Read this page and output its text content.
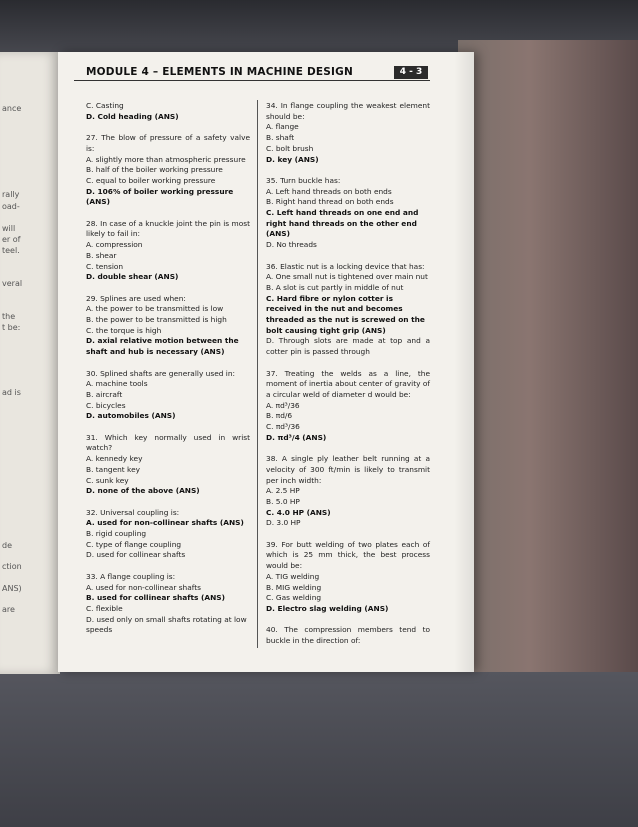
ance
rally
oad-
will
er of
teel.
veral
the
t be:
ad is
de
ction
ANS)
are
MODULE 4 – ELEMENTS IN MACHINE DESIGN	4 - 3

C. Casting

D. Cold heading (ANS)

27. The blow of pressure of a safety valve is:

A. slightly more than atmospheric pressure

B. half of the boiler working pressure

C. equal to boiler working pressure

D. 106% of boiler working pressure (ANS)

28. In case of a knuckle joint the pin is most likely to fail in:

A. compression

B. shear

C. tension

D. double shear (ANS)

29. Splines are used when:

A. the power to be transmitted is low

B. the power to be transmitted is high

C. the torque is high

D. axial relative motion between the shaft and hub is necessary (ANS)

30. Splined shafts are generally used in:

A. machine tools

B. aircraft

C. bicycles

D. automobiles (ANS)

31. Which key normally used in wrist watch?

A. kennedy key

B. tangent key

C. sunk key

D. none of the above (ANS)

32. Universal coupling is:

A. used for non-collinear shafts (ANS)

B. rigid coupling

C. type of flange coupling

D. used for collinear shafts

33. A flange coupling is:

A. used for non-collinear shafts

B. used for collinear shafts (ANS)

C. flexible

D. used only on small shafts rotating at low speeds

34. In flange coupling the weakest element should be:

A. flange

B. shaft

C. bolt brush

D. key (ANS)

35. Turn buckle has:

A. Left hand threads on both ends

B. Right hand thread on both ends

C. Left hand threads on one end and right hand threads on the other end (ANS)

D. No threads

36. Elastic nut is a locking device that has:

A. One small nut is tightened over main nut

B. A slot is cut partly in middle of nut

C. Hard fibre or nylon cotter is received in the nut and becomes threaded as the nut is screwed on the bolt causing tight grip (ANS)

D. Through slots are made at top and a cotter pin is passed through

37. Treating the welds as a line, the moment of inertia about center of gravity of a circular weld of diameter d would be:

A. πd³/36

B. πd/6

C. πd³/36

D. πd³/4 (ANS)

38. A single ply leather belt running at a velocity of 300 ft/min is likely to transmit per inch width:

A. 2.5 HP

B. 5.0 HP

C. 4.0 HP (ANS)

D. 3.0 HP

39. For butt welding of two plates each of which is 25 mm thick, the best process would be:

A. TIG welding

B. MIG welding

C. Gas welding

D. Electro slag welding (ANS)

40. The compression members tend to buckle in the direction of:
